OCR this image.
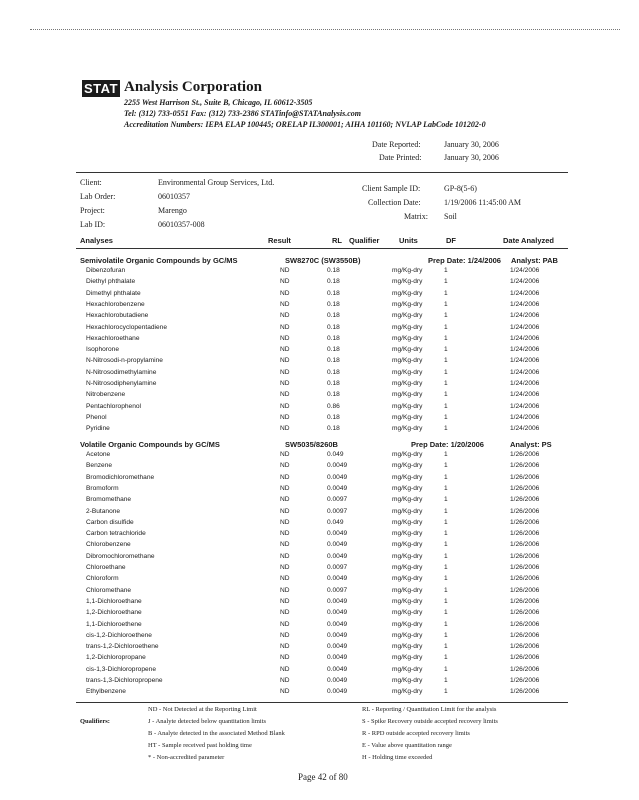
STAT Analysis Corporation
2255 West Harrison St., Suite B, Chicago, IL 60612-3505
Tel: (312) 733-0551 Fax: (312) 733-2386 STATinfo@STATAnalysis.com
Accreditation Numbers: IEPA ELAP 100445; ORELAP IL300001; AIHA 101160; NVLAP LabCode 101202-0
Date Reported:	January 30, 2006
Date Printed:	January 30, 2006
Client:	Environmental Group Services, Ltd.
Lab Order:	06010357
Project:	Marengo
Lab ID:	06010357-008
Client Sample ID:	GP-8(5-6)
Collection Date:	1/19/2006 11:45:00 AM
Matrix: Soil
Analyses	Result	RL Qualifier	Units	DF	Date Analyzed
Semivolatile Organic Compounds by GC/MS	SW8270C (SW3550B)	Prep Date: 1/24/2006 Analyst: PAB
Dibenzofuran	ND	0.18	mg/Kg-dry	1	1/24/2006
Diethyl phthalate	ND	0.18	mg/Kg-dry	1	1/24/2006
Dimethyl phthalate	ND	0.18	mg/Kg-dry	1	1/24/2006
Hexachlorobenzene	ND	0.18	mg/Kg-dry	1	1/24/2006
Hexachlorobutadiene	ND	0.18	mg/Kg-dry	1	1/24/2006
Hexachlorocyclopentadiene	ND	0.18	mg/Kg-dry	1	1/24/2006
Hexachloroethane	ND	0.18	mg/Kg-dry	1	1/24/2006
Isophorone	ND	0.18	mg/Kg-dry	1	1/24/2006
N-Nitrosodi-n-propylamine	ND	0.18	mg/Kg-dry	1	1/24/2006
N-Nitrosodimethylamine	ND	0.18	mg/Kg-dry	1	1/24/2006
N-Nitrosodiphenylamine	ND	0.18	mg/Kg-dry	1	1/24/2006
Nitrobenzene	ND	0.18	mg/Kg-dry	1	1/24/2006
Pentachlorophenol	ND	0.86	mg/Kg-dry	1	1/24/2006
Phenol	ND	0.18	mg/Kg-dry	1	1/24/2006
Pyridine	ND	0.18	mg/Kg-dry	1	1/24/2006
Volatile Organic Compounds by GC/MS	SW5035/8260B	Prep Date: 1/20/2006	Analyst: PS
Acetone	ND	0.049	mg/Kg-dry	1	1/26/2006
Benzene	ND	0.0049	mg/Kg-dry	1	1/26/2006
Bromodichloromethane	ND	0.0049	mg/Kg-dry	1	1/26/2006
Bromoform	ND	0.0049	mg/Kg-dry	1	1/26/2006
Bromomethane	ND	0.0097	mg/Kg-dry	1	1/26/2006
2-Butanone	ND	0.0097	mg/Kg-dry	1	1/26/2006
Carbon disulfide	ND	0.049	mg/Kg-dry	1	1/26/2006
Carbon tetrachloride	ND	0.0049	mg/Kg-dry	1	1/26/2006
Chlorobenzene	ND	0.0049	mg/Kg-dry	1	1/26/2006
Dibromochloromethane	ND	0.0049	mg/Kg-dry	1	1/26/2006
Chloroethane	ND	0.0097	mg/Kg-dry	1	1/26/2006
Chloroform	ND	0.0049	mg/Kg-dry	1	1/26/2006
Chloromethane	ND	0.0097	mg/Kg-dry	1	1/26/2006
1,1-Dichloroethane	ND	0.0049	mg/Kg-dry	1	1/26/2006
1,2-Dichloroethane	ND	0.0049	mg/Kg-dry	1	1/26/2006
1,1-Dichloroethene	ND	0.0049	mg/Kg-dry	1	1/26/2006
cis-1,2-Dichloroethene	ND	0.0049	mg/Kg-dry	1	1/26/2006
trans-1,2-Dichloroethene	ND	0.0049	mg/Kg-dry	1	1/26/2006
1,2-Dichloropropane	ND	0.0049	mg/Kg-dry	1	1/26/2006
cis-1,3-Dichloropropene	ND	0.0049	mg/Kg-dry	1	1/26/2006
trans-1,3-Dichloropropene	ND	0.0049	mg/Kg-dry	1	1/26/2006
Ethylbenzene	ND	0.0049	mg/Kg-dry	1	1/26/2006
Qualifiers:
ND - Not Detected at the Reporting Limit
J - Analyte detected below quantitation limits
B - Analyte detected in the associated Method Blank
HT - Sample received past holding time
* - Non-accredited parameter
RL - Reporting / Quantitation Limit for the analysis
S - Spike Recovery outside accepted recovery limits
R - RPD outside accepted recovery limits
E - Value above quantitation range
H - Holding time exceeded
Page 42 of 80
